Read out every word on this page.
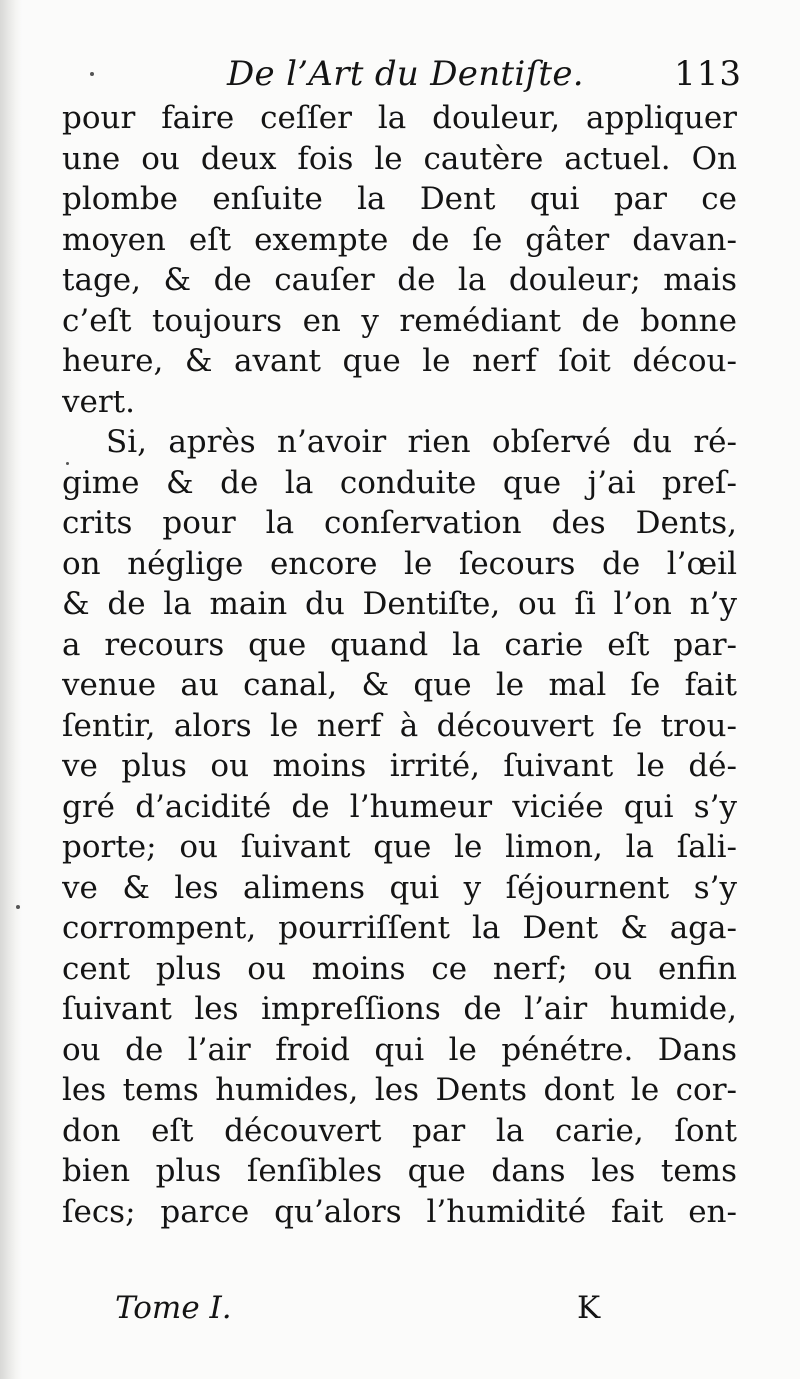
De l’Art du Dentiſte.	113
pour faire ceſſer la douleur, appliquer
une ou deux fois le cautère actuel. On
plombe enſuite la Dent qui par ce
moyen eſt exempte de ſe gâter davan-
tage, & de cauſer de la douleur; mais
c’eſt toujours en y remédiant de bonne
heure, & avant que le nerf ſoit décou-
vert.
Si, après n’avoir rien obſervé du ré-
gime & de la conduite que j’ai preſ-
crits pour la conſervation des Dents,
on néglige encore le ſecours de l’œil
& de la main du Dentiſte, ou ſi l’on n’y
a recours que quand la carie eſt par-
venue au canal, & que le mal ſe fait
ſentir, alors le nerf à découvert ſe trou-
ve plus ou moins irrité, ſuivant le dé-
gré d’acidité de l’humeur viciée qui s’y
porte; ou ſuivant que le limon, la ſali-
ve & les alimens qui y ſéjournent s’y
corrompent, pourriſſent la Dent & aga-
cent plus ou moins ce nerf; ou enfin
ſuivant les impreſſions de l’air humide,
ou de l’air froid qui le pénétre. Dans
les tems humides, les Dents dont le cor-
don eſt découvert par la carie, ſont
bien plus ſenſibles que dans les tems
ſecs; parce qu’alors l’humidité fait en-
Tome I.	K
